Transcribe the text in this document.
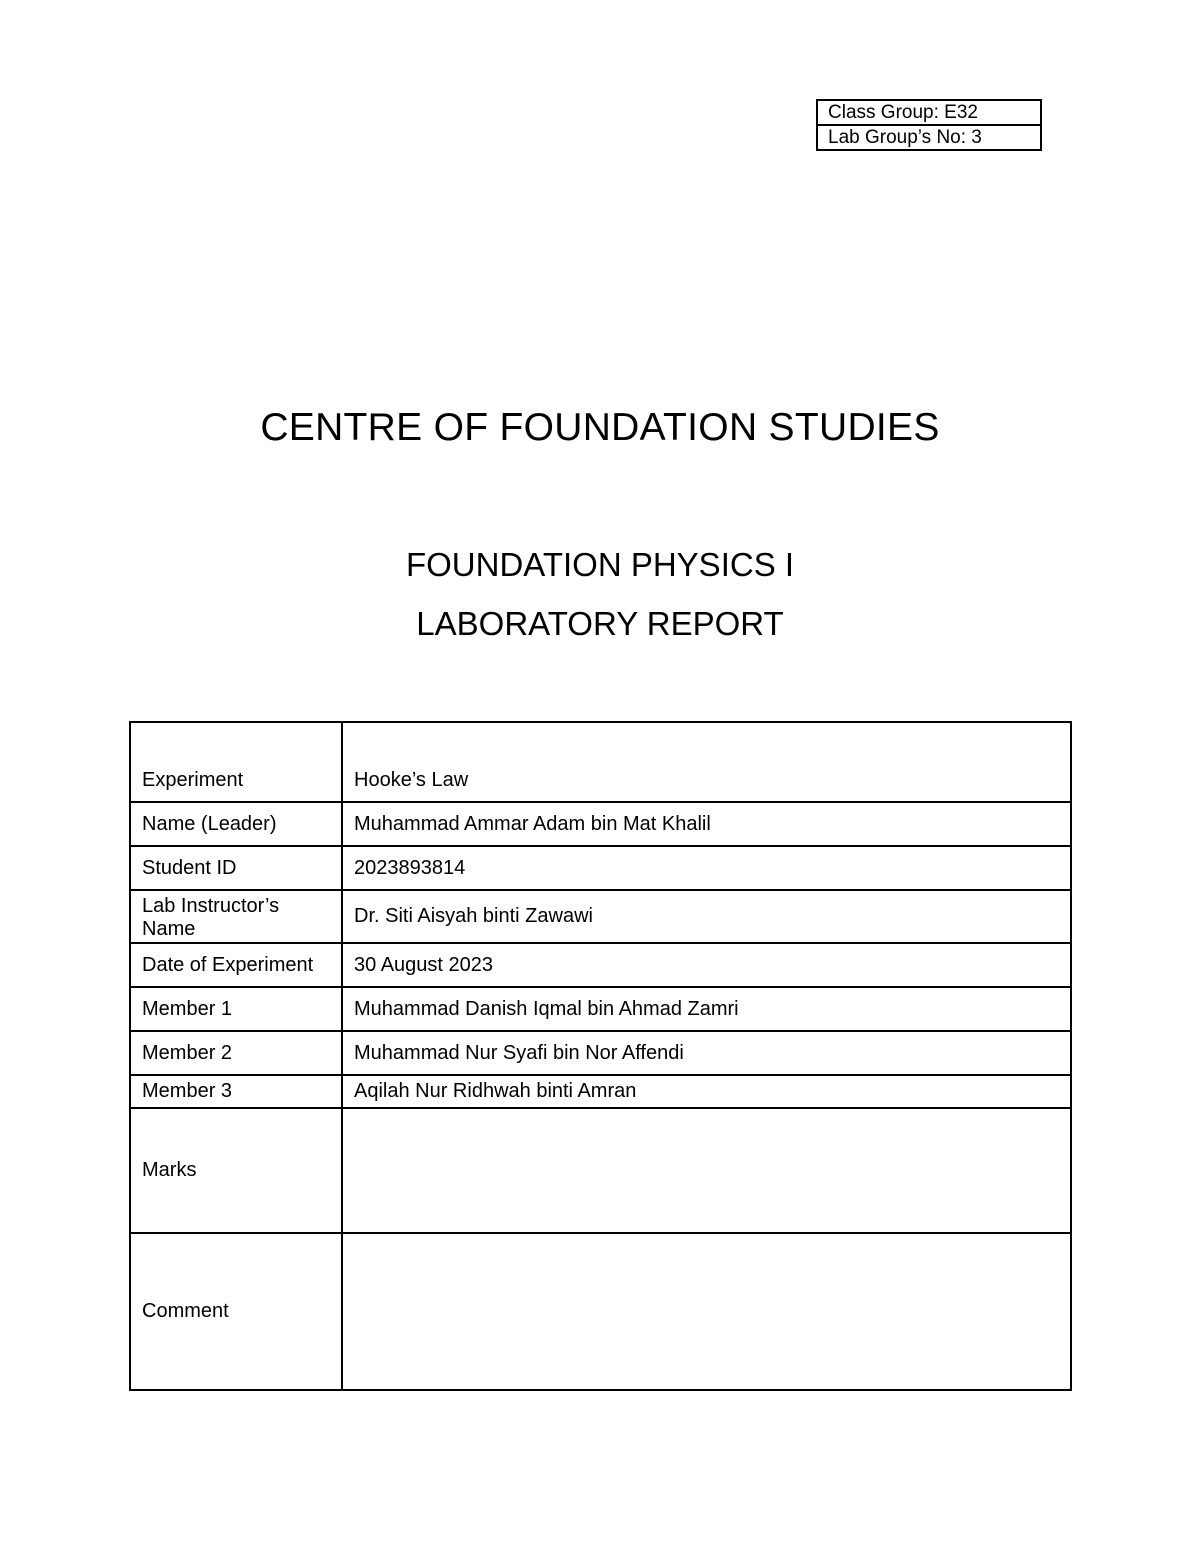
Class Group: E32
Lab Group’s No: 3
CENTRE OF FOUNDATION STUDIES
FOUNDATION PHYSICS I
LABORATORY REPORT
Experiment	Hooke’s Law
Name (Leader)	Muhammad Ammar Adam bin Mat Khalil
Student ID	2023893814
Lab Instructor’s Name	Dr. Siti Aisyah binti Zawawi
Date of Experiment	30 August 2023
Member 1	Muhammad Danish Iqmal bin Ahmad Zamri
Member 2	Muhammad Nur Syafi bin Nor Affendi
Member 3	Aqilah Nur Ridhwah binti Amran
Marks	
Comment	
